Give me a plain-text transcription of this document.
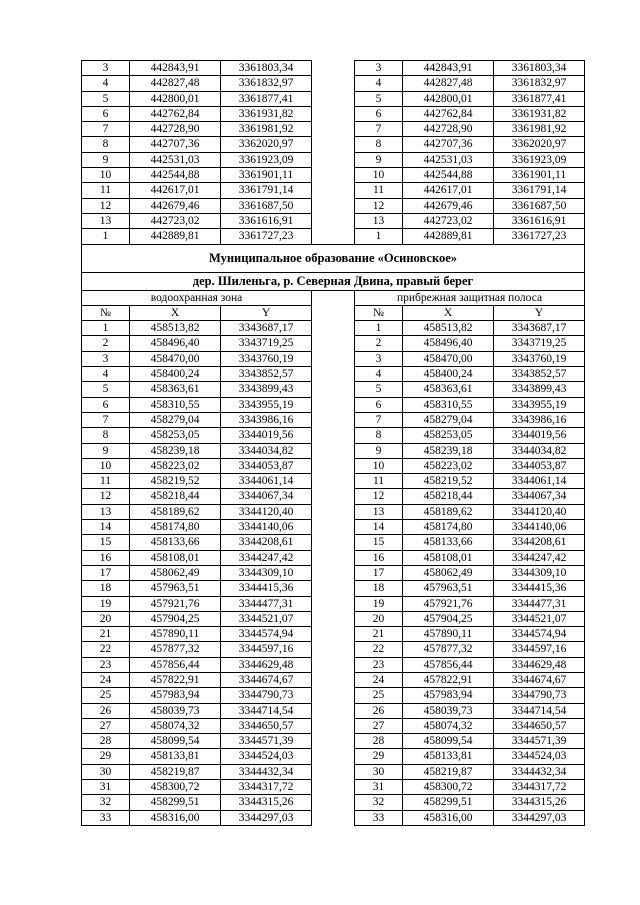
3	442843,91	3361803,34		3	442843,91	3361803,34
4	442827,48	3361832,97		4	442827,48	3361832,97
5	442800,01	3361877,41		5	442800,01	3361877,41
6	442762,84	3361931,82		6	442762,84	3361931,82
7	442728,90	3361981,92		7	442728,90	3361981,92
8	442707,36	3362020,97		8	442707,36	3362020,97
9	442531,03	3361923,09		9	442531,03	3361923,09
10	442544,88	3361901,11		10	442544,88	3361901,11
11	442617,01	3361791,14		11	442617,01	3361791,14
12	442679,46	3361687,50		12	442679,46	3361687,50
13	442723,02	3361616,91		13	442723,02	3361616,91
1	442889,81	3361727,23		1	442889,81	3361727,23
Муниципальное образование «Осиновское»						
дер. Шиленьга, р. Северная Двина, правый берег						
водоохранная зона				прибрежная защитная полоса		
№	X	Y		№	X	Y
1	458513,82	3343687,17		1	458513,82	3343687,17
2	458496,40	3343719,25		2	458496,40	3343719,25
3	458470,00	3343760,19		3	458470,00	3343760,19
4	458400,24	3343852,57		4	458400,24	3343852,57
5	458363,61	3343899,43		5	458363,61	3343899,43
6	458310,55	3343955,19		6	458310,55	3343955,19
7	458279,04	3343986,16		7	458279,04	3343986,16
8	458253,05	3344019,56		8	458253,05	3344019,56
9	458239,18	3344034,82		9	458239,18	3344034,82
10	458223,02	3344053,87		10	458223,02	3344053,87
11	458219,52	3344061,14		11	458219,52	3344061,14
12	458218,44	3344067,34		12	458218,44	3344067,34
13	458189,62	3344120,40		13	458189,62	3344120,40
14	458174,80	3344140,06		14	458174,80	3344140,06
15	458133,66	3344208,61		15	458133,66	3344208,61
16	458108,01	3344247,42		16	458108,01	3344247,42
17	458062,49	3344309,10		17	458062,49	3344309,10
18	457963,51	3344415,36		18	457963,51	3344415,36
19	457921,76	3344477,31		19	457921,76	3344477,31
20	457904,25	3344521,07		20	457904,25	3344521,07
21	457890,11	3344574,94		21	457890,11	3344574,94
22	457877,32	3344597,16		22	457877,32	3344597,16
23	457856,44	3344629,48		23	457856,44	3344629,48
24	457822,91	3344674,67		24	457822,91	3344674,67
25	457983,94	3344790,73		25	457983,94	3344790,73
26	458039,73	3344714,54		26	458039,73	3344714,54
27	458074,32	3344650,57		27	458074,32	3344650,57
28	458099,54	3344571,39		28	458099,54	3344571,39
29	458133,81	3344524,03		29	458133,81	3344524,03
30	458219,87	3344432,34		30	458219,87	3344432,34
31	458300,72	3344317,72		31	458300,72	3344317,72
32	458299,51	3344315,26		32	458299,51	3344315,26
33	458316,00	3344297,03		33	458316,00	3344297,03
